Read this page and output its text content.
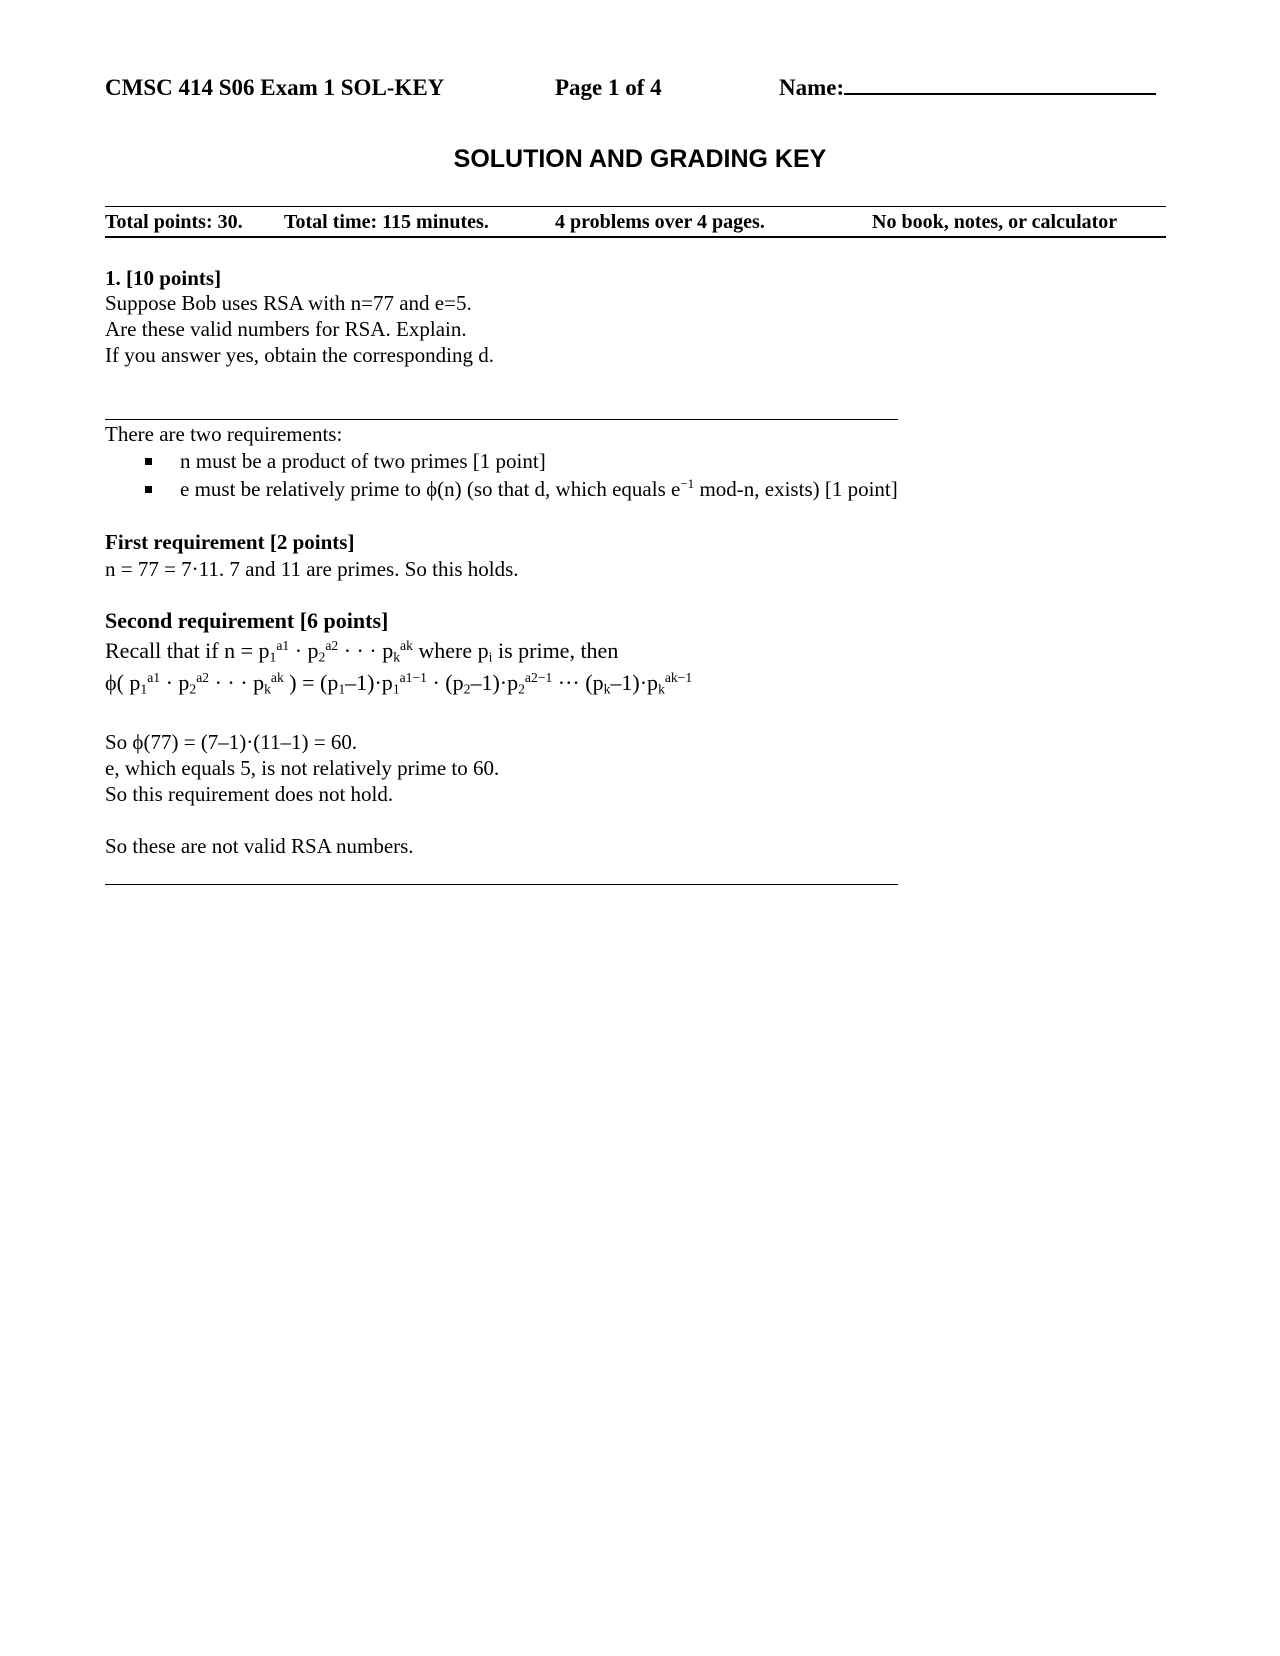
CMSC 414 S06 Exam 1 SOL-KEY	Page 1 of 4	Name:
SOLUTION AND GRADING KEY
Total points: 30. Total time: 115 minutes.	4 problems over 4 pages.	No book, notes, or calculator
1. [10 points]
Suppose Bob uses RSA with n=77 and e=5.
Are these valid numbers for RSA. Explain.
If you answer yes, obtain the corresponding d.
There are two requirements:
n must be a product of two primes [1 point]
e must be relatively prime to ϕ(n) (so that d, which equals $e^{-1}$ mod-n, exists) [1 point]
First requirement [2 points]
n = 77 = 7·11. 7 and 11 are primes. So this holds.
Second requirement [6 points]
Recall that if $n = p_1^{a1} \cdot p_2^{a2}$ · · · $p_k^{ak}$ where $p_i$ is prime, then
ϕ( $p_1^{a1} \cdot p_2^{a2}$ · · · $p_k^{ak}$ ) = $(p_1-1)\cdot p_1^{a1-1} \cdot (p_2-1)\cdot p_2^{a2-1}$ ··· $(p_k-1)\cdot p_k^{ak-1}$
So ϕ(77) = (7–1)·(11–1) = 60.
e, which equals 5, is not relatively prime to 60.
So this requirement does not hold.
So these are not valid RSA numbers.
